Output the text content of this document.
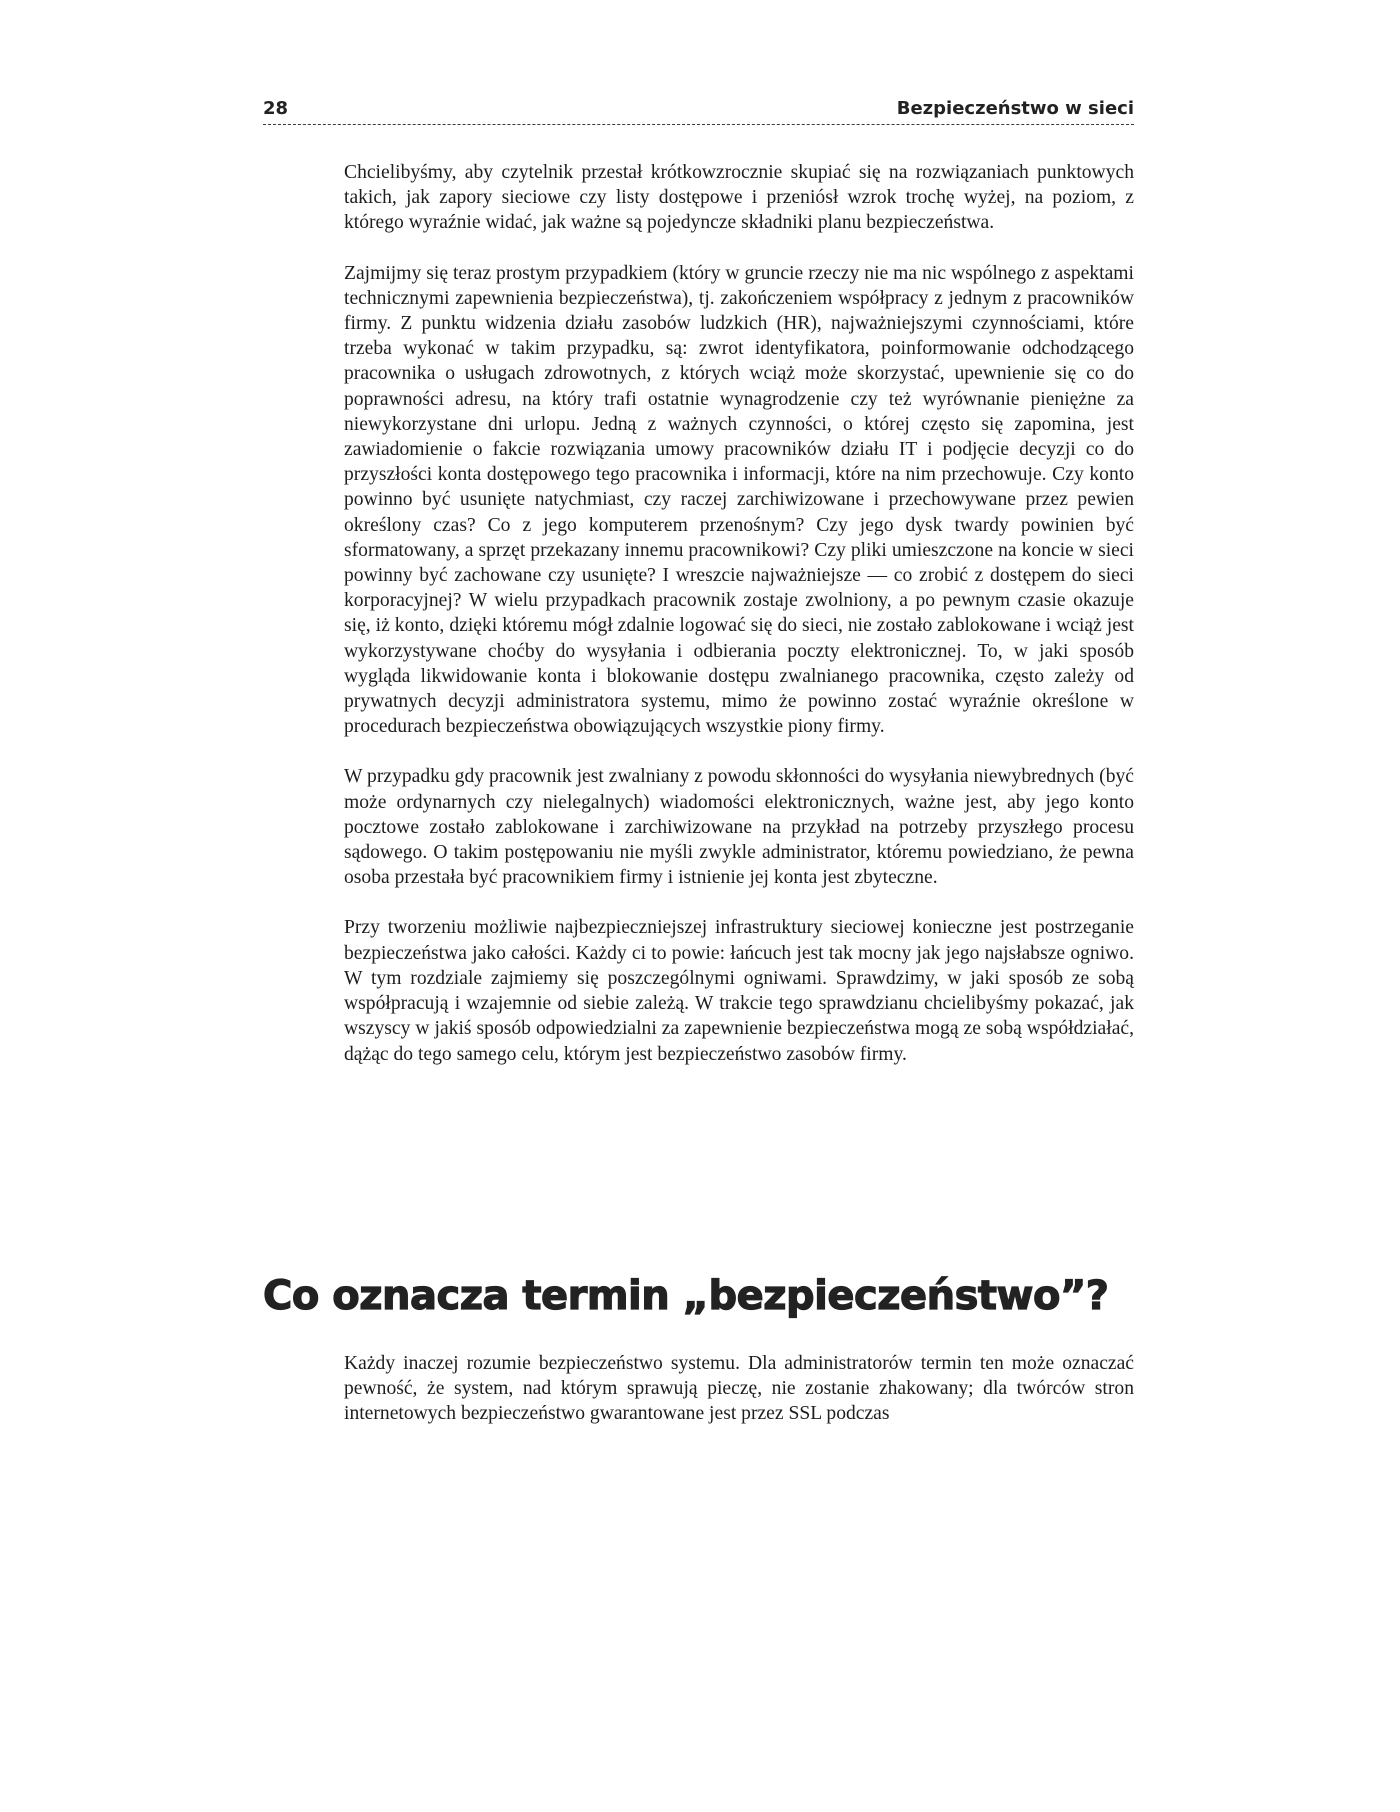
28	Bezpieczeństwo w sieci

Chcielibyśmy, aby czytelnik przestał krótkowzrocznie skupiać się na rozwiązaniach punktowych takich, jak zapory sieciowe czy listy dostępowe i przeniósł wzrok trochę wyżej, na poziom, z którego wyraźnie widać, jak ważne są pojedyncze składniki planu bezpieczeństwa.

Zajmijmy się teraz prostym przypadkiem (który w gruncie rzeczy nie ma nic wspólnego z aspektami technicznymi zapewnienia bezpieczeństwa), tj. zakończeniem współpracy z jednym z pracowników firmy. Z punktu widzenia działu zasobów ludzkich (HR), najważniejszymi czynnościami, które trzeba wykonać w takim przypadku, są: zwrot identyfikatora, poinformowanie odchodzącego pracownika o usługach zdrowotnych, z których wciąż może skorzystać, upewnienie się co do poprawności adresu, na który trafi ostatnie wynagrodzenie czy też wyrównanie pieniężne za niewykorzystane dni urlopu. Jedną z ważnych czynności, o której często się zapomina, jest zawiadomienie o fakcie rozwiązania umowy pracowników działu IT i podjęcie decyzji co do przyszłości konta dostępowego tego pracownika i informacji, które na nim przechowuje. Czy konto powinno być usunięte natychmiast, czy raczej zarchiwizowane i przechowywane przez pewien określony czas? Co z jego komputerem przenośnym? Czy jego dysk twardy powinien być sformatowany, a sprzęt przekazany innemu pracownikowi? Czy pliki umieszczone na koncie w sieci powinny być zachowane czy usunięte? I wreszcie najważniejsze — co zrobić z dostępem do sieci korporacyjnej? W wielu przypadkach pracownik zostaje zwolniony, a po pewnym czasie okazuje się, iż konto, dzięki któremu mógł zdalnie logować się do sieci, nie zostało zablokowane i wciąż jest wykorzystywane choćby do wysyłania i odbierania poczty elektronicznej. To, w jaki sposób wygląda likwidowanie konta i blokowanie dostępu zwalnianego pracownika, często zależy od prywatnych decyzji administratora systemu, mimo że powinno zostać wyraźnie określone w procedurach bezpieczeństwa obowiązujących wszystkie piony firmy.

W przypadku gdy pracownik jest zwalniany z powodu skłonności do wysyłania niewybrednych (być może ordynarnych czy nielegalnych) wiadomości elektronicznych, ważne jest, aby jego konto pocztowe zostało zablokowane i zarchiwizowane na przykład na potrzeby przyszłego procesu sądowego. O takim postępowaniu nie myśli zwykle administrator, któremu powiedziano, że pewna osoba przestała być pracownikiem firmy i istnienie jej konta jest zbyteczne.

Przy tworzeniu możliwie najbezpieczniejszej infrastruktury sieciowej konieczne jest postrzeganie bezpieczeństwa jako całości. Każdy ci to powie: łańcuch jest tak mocny jak jego najsłabsze ogniwo. W tym rozdziale zajmiemy się poszczególnymi ogniwami. Sprawdzimy, w jaki sposób ze sobą współpracują i wzajemnie od siebie zależą. W trakcie tego sprawdzianu chcielibyśmy pokazać, jak wszyscy w jakiś sposób odpowiedzialni za zapewnienie bezpieczeństwa mogą ze sobą współdziałać, dążąc do tego samego celu, którym jest bezpieczeństwo zasobów firmy.

Co oznacza termin „bezpieczeństwo”?

Każdy inaczej rozumie bezpieczeństwo systemu. Dla administratorów termin ten może oznaczać pewność, że system, nad którym sprawują pieczę, nie zostanie zhakowany; dla twórców stron internetowych bezpieczeństwo gwarantowane jest przez SSL podczas
